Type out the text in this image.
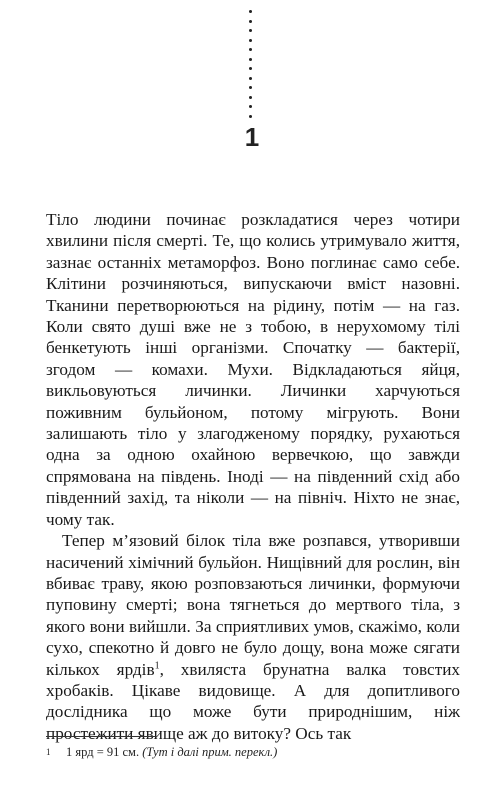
1

Тіло людини починає розкладатися через чотири хвилини після смерті. Те, що колись утримувало життя, зазнає останніх метаморфоз. Воно поглинає само себе. Клітини розчиняються, випускаючи вміст назовні. Тканини перетворюються на рідину, потім — на газ. Коли свято душі вже не з тобою, в нерухомому тілі бенкетують інші організми. Спочатку — бактерії, згодом — комахи. Мухи. Відкладаються яйця, викльовуються личинки. Личинки харчуються поживним бульйоном, потому мігрують. Вони залишають тіло у злагодженому порядку, рухаються одна за одною охайною вервечкою, що завжди спрямована на південь. Іноді — на південний схід або південний захід, та ніколи — на північ. Ніхто не знає, чому так.

Тепер м’язовий білок тіла вже розпався, утворивши насичений хімічний бульйон. Нищівний для рослин, він вбиває траву, якою розповзаються личинки, формуючи пуповину смерті; вона тягнеться до мертвого тіла, з якого вони вийшли. За сприятливих умов, скажімо, коли сухо, спекотно й довго не було дощу, вона може сягати кількох ярдів$^1$, хвиляста брунатна валка товстих хробаків. Цікаве видовище. А для допитливого дослідника що може бути природнішим, ніж простежити явище аж до витоку? Ось так

1 1 ярд = 91 см. (Тут і далі прим. перекл.)
